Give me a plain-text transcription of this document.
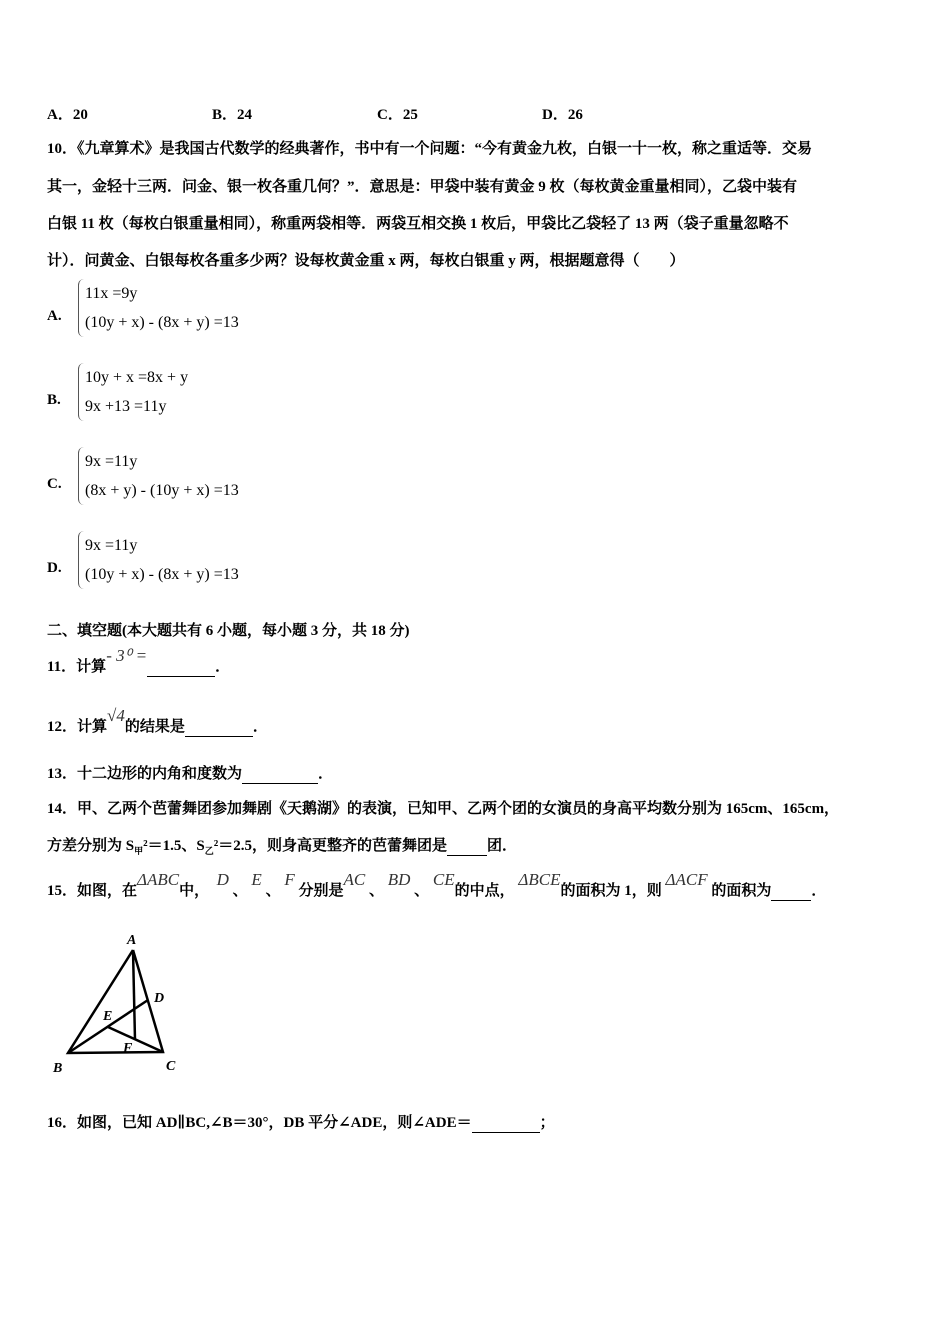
A．20	B．24	C．25	D．26
10．《九章算术》是我国古代数学的经典著作，书中有一个问题：“今有黄金九枚，白银一十一枚，称之重适等．交易
其一，金轻十三两．问金、银一枚各重几何？”．意思是：甲袋中装有黄金 9 枚（每枚黄金重量相同），乙袋中装有
白银 11 枚（每枚白银重量相同），称重两袋相等．两袋互相交换 1 枚后，甲袋比乙袋轻了 13 两（袋子重量忽略不
计）．问黄金、白银每枚各重多少两？设每枚黄金重 x 两，每枚白银重 y 两，根据题意得（　　）
A.
11x =9y
(10y + x) - (8x + y) =13
B.
10y + x =8x + y
9x +13 =11y
C.
9x =11y
(8x + y) - (10y + x) =13
D.
9x =11y
(10y + x) - (8x + y) =13
二、填空题(本大题共有 6 小题，每小题 3 分，共 18 分)
11．计算- 3⁰ = ．
12．计算√4的结果是	．
13．十二边形的内角和度数为	．
14．甲、乙两个芭蕾舞团参加舞剧《天鹅湖》的表演，已知甲、乙两个团的女演员的身高平均数分别为 165cm、165cm，
方差分别为 $S_甲^2=1.5$、$S_乙^2=2.5$，则身高更整齐的芭蕾舞团是	团．
15．如图，在ΔABC中，  D 、 E 、 F 分别是AC 、 BD 、 CE的中点， ΔBCE的面积为 1，则 ΔACF 的面积为	．
A
B	C
D
E
F
16．如图，已知 AD∥BC,∠B＝30°，DB 平分∠ADE，则∠ADE＝	；
